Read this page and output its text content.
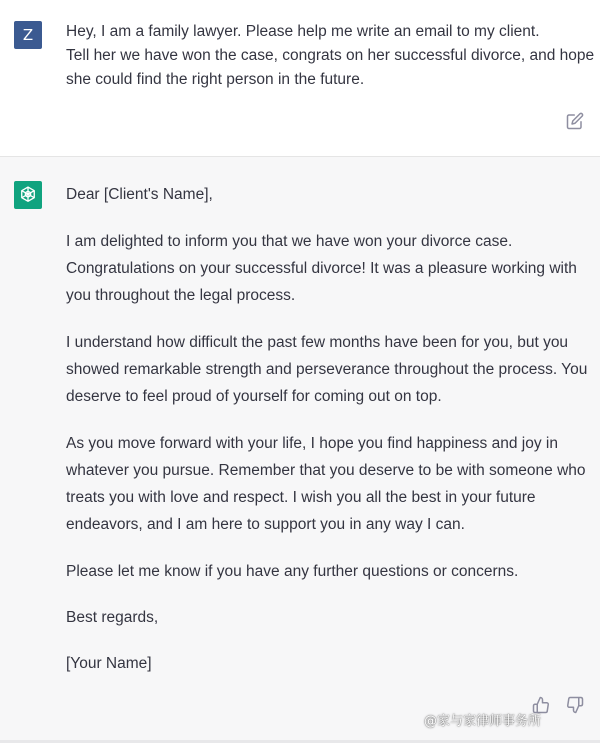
Z	Hey, I am a family lawyer. Please help me write an email to my client.
Tell her we have won the case, congrats on her successful divorce, and hope
she could find the right person in the future.

Dear [Client's Name],

I am delighted to inform you that we have won your divorce case. Congratulations on your successful divorce! It was a pleasure working with you throughout the legal process.

I understand how difficult the past few months have been for you, but you showed remarkable strength and perseverance throughout the process. You deserve to feel proud of yourself for coming out on top.

As you move forward with your life, I hope you find happiness and joy in whatever you pursue. Remember that you deserve to be with someone who treats you with love and respect. I wish you all the best in your future endeavors, and I am here to support you in any way I can.

Please let me know if you have any further questions or concerns.

Best regards,

[Your Name]

@家与家律师事务所
